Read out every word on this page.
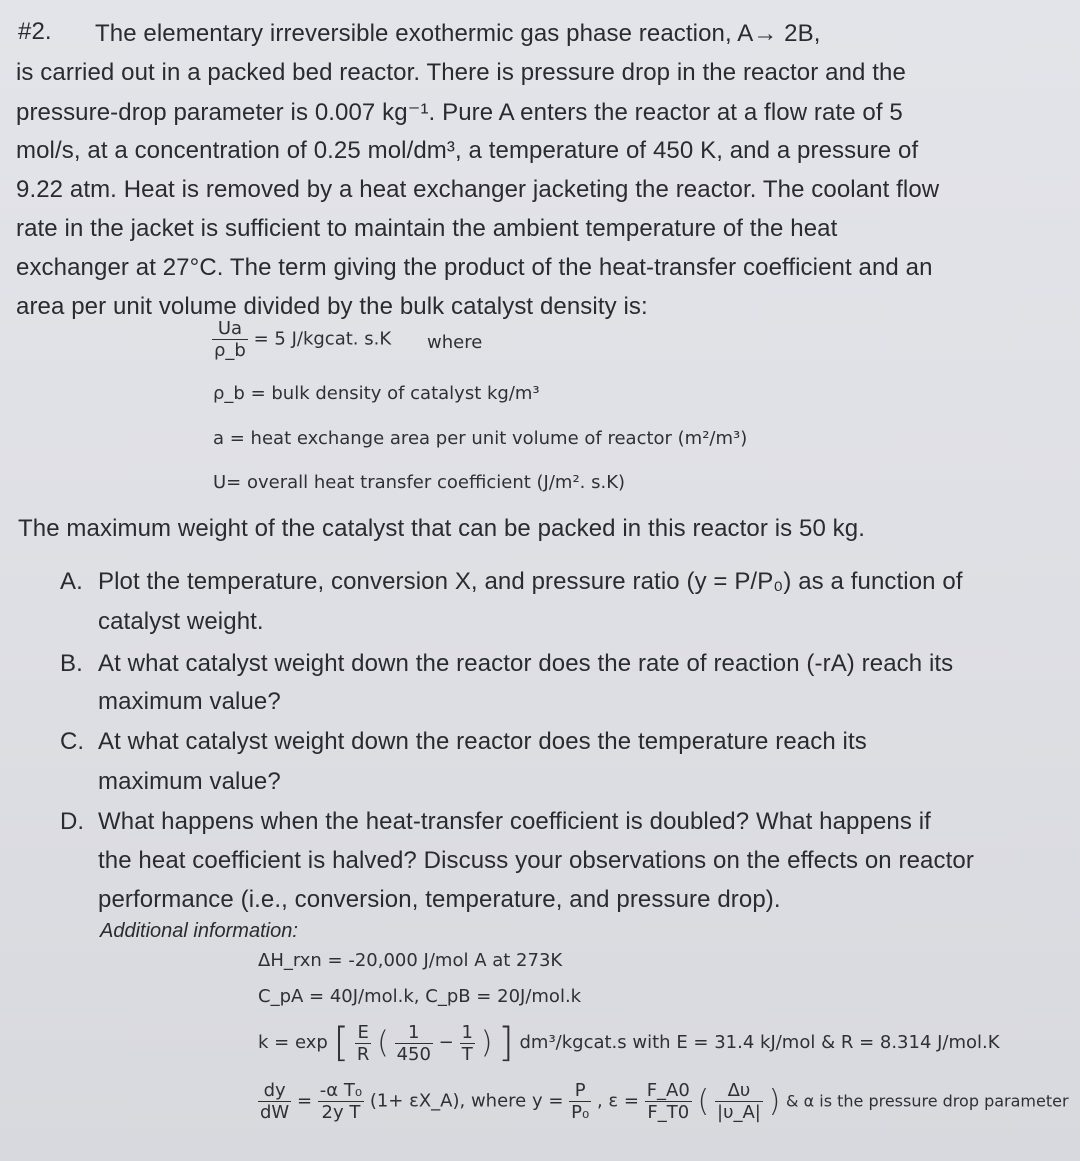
#2. The elementary irreversible exothermic gas phase reaction, A→ 2B,
is carried out in a packed bed reactor. There is pressure drop in the reactor and the
pressure-drop parameter is 0.007 kg⁻¹. Pure A enters the reactor at a flow rate of 5
mol/s, at a concentration of 0.25 mol/dm³, a temperature of 450 K, and a pressure of
9.22 atm. Heat is removed by a heat exchanger jacketing the reactor. The coolant flow
rate in the jacket is sufficient to maintain the ambient temperature of the heat
exchanger at 27°C. The term giving the product of the heat-transfer coefficient and an
area per unit volume divided by the bulk catalyst density is:
$\frac{Ua}{\rho\_b} = 5$ J/kgcat. s.K where
ρ_b = bulk density of catalyst kg/m³
a = heat exchange area per unit volume of reactor (m²/m³)
U= overall heat transfer coefficient (J/m². s.K)
The maximum weight of the catalyst that can be packed in this reactor is 50 kg.
A. Plot the temperature, conversion X, and pressure ratio (y = P/P₀) as a function of
catalyst weight.
B. At what catalyst weight down the reactor does the rate of reaction (-rA) reach its
maximum value?
C. At what catalyst weight down the reactor does the temperature reach its
maximum value?
D. What happens when the heat-transfer coefficient is doubled? What happens if
the heat coefficient is halved? Discuss your observations on the effects on reactor
performance (i.e., conversion, temperature, and pressure drop).
Additional information:
ΔH_rxn = -20,000 J/mol A at 273K
C_pA = 40J/mol.k, C_pB = 20J/mol.k
k = exp [ $\frac{E}{R}$ ( $\frac{1}{450} - \frac{1}{T}$ ) ] dm³/kgcat.s with E = 31.4 kJ/mol & R = 8.314 J/mol.K
$\frac{dy}{dW} = \frac{\text{-α T₀}}{\text{2y T}} (1+$ εX_A), where $y = \frac{P}{\text{P₀}}$ , $\varepsilon = \frac{F\_A0}{F\_T0}$ ( $\frac{\Delta\upsilon}{|\upsilon\_A|}$ ) & α is the pressure drop parameter
